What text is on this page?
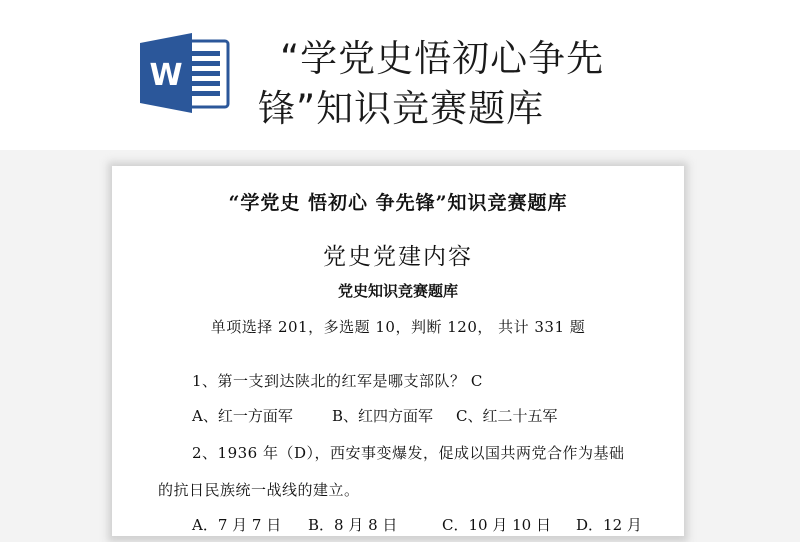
W	“学党史悟初心争先锋”知识竞赛题库
“学党史 悟初心 争先锋”知识竞赛题库
党史党建内容
党史知识竞赛题库
单项选择 201，多选题 10，判断 120， 共计 331 题
1、第一支到达陕北的红军是哪支部队？ C
A、红一方面军	B、红四方面军 C、红二十五军
2、1936 年（D），西安事变爆发，促成以国共两党合作为基础
的抗日民族统一战线的建立。
A．7 月 7 日 B．8 月 8 日	C．10 月 10 日 D．12 月
